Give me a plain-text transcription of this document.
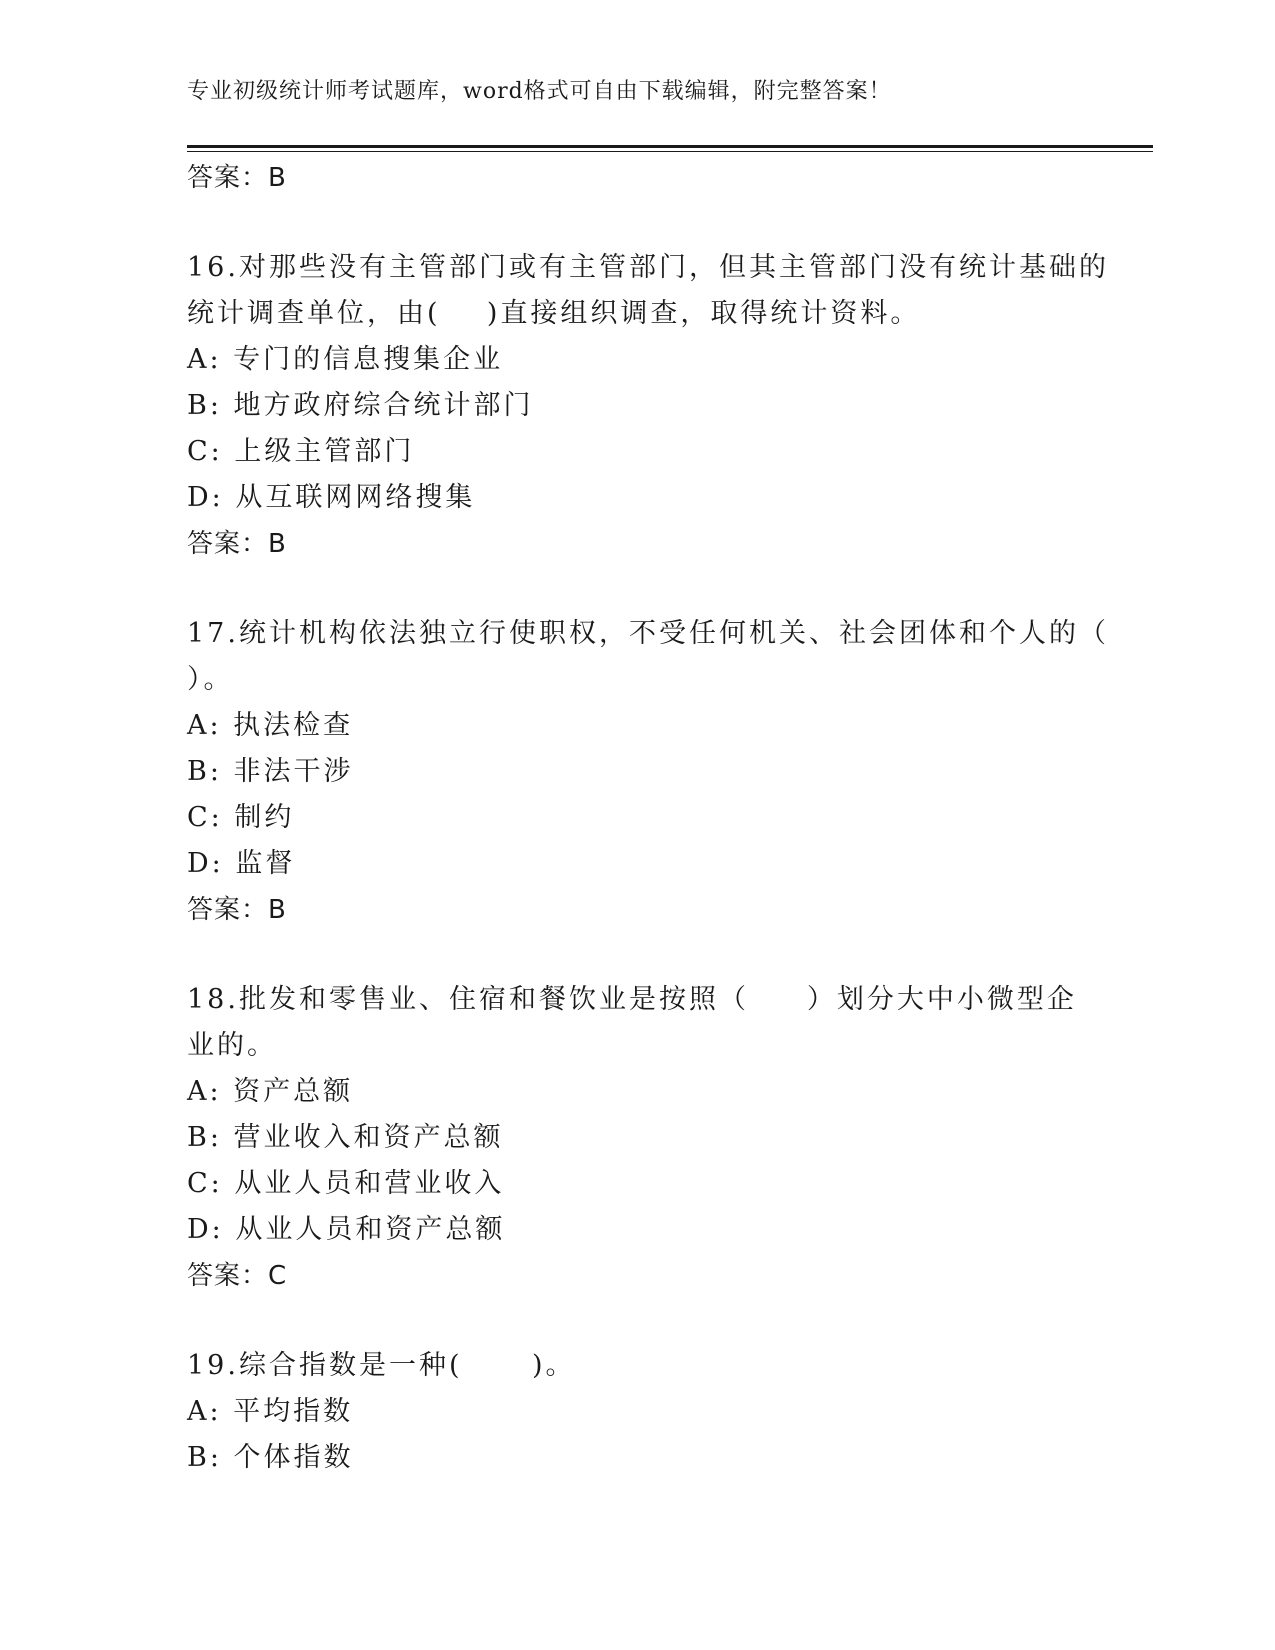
专业初级统计师考试题库，word格式可自由下载编辑，附完整答案！
答案：B
16.对那些没有主管部门或有主管部门，但其主管部门没有统计基础的
统计调查单位，由(    )直接组织调查，取得统计资料。
A: 专门的信息搜集企业
B: 地方政府综合统计部门
C: 上级主管部门
D: 从互联网网络搜集
答案：B
17.统计机构依法独立行使职权，不受任何机关、社会团体和个人的（
）。
A: 执法检查
B: 非法干涉
C: 制约
D: 监督
答案：B
18.批发和零售业、住宿和餐饮业是按照（     ）划分大中小微型企
业的。
A: 资产总额
B: 营业收入和资产总额
C: 从业人员和营业收入
D: 从业人员和资产总额
答案：C
19.综合指数是一种(      )。
A: 平均指数
B: 个体指数
